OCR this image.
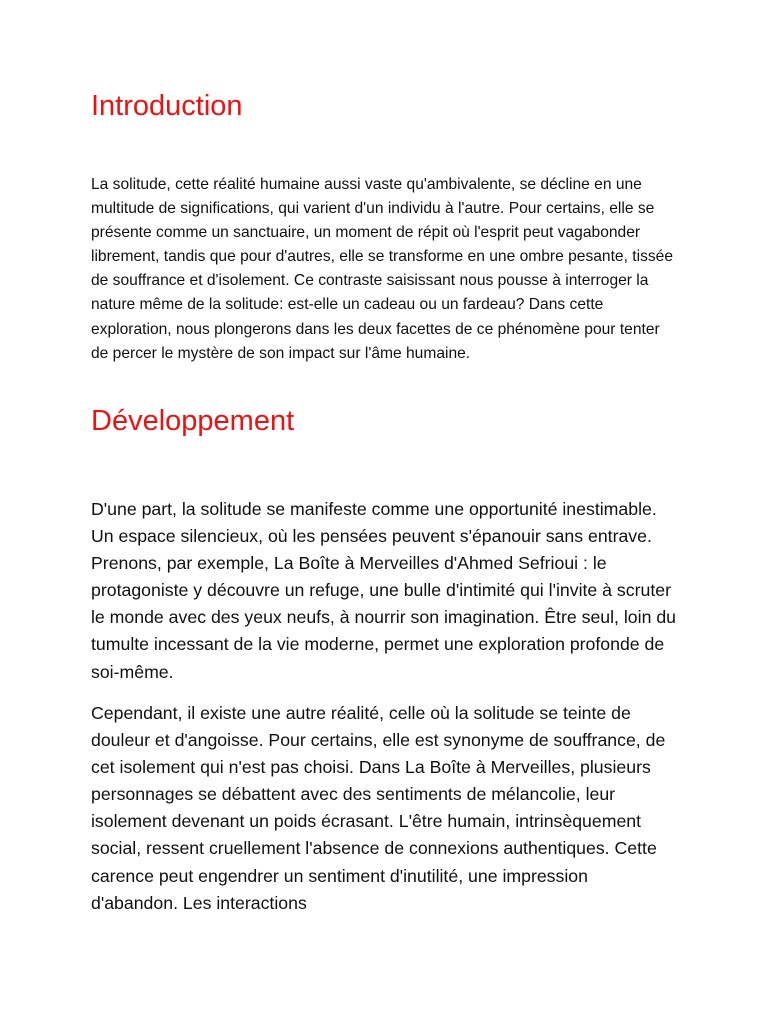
Introduction

La solitude, cette réalité humaine aussi vaste qu'ambivalente, se décline en une multitude de significations, qui varient d'un individu à l'autre. Pour certains, elle se présente comme un sanctuaire, un moment de répit où l'esprit peut vagabonder librement, tandis que pour d'autres, elle se transforme en une ombre pesante, tissée de souffrance et d'isolement. Ce contraste saisissant nous pousse à interroger la nature même de la solitude: est-elle un cadeau ou un fardeau? Dans cette exploration, nous plongerons dans les deux facettes de ce phénomène pour tenter de percer le mystère de son impact sur l'âme humaine.

Développement

D'une part, la solitude se manifeste comme une opportunité inestimable. Un espace silencieux, où les pensées peuvent s'épanouir sans entrave. Prenons, par exemple, La Boîte à Merveilles d'Ahmed Sefrioui : le protagoniste y découvre un refuge, une bulle d'intimité qui l'invite à scruter le monde avec des yeux neufs, à nourrir son imagination. Être seul, loin du tumulte incessant de la vie moderne, permet une exploration profonde de soi-même.

Cependant, il existe une autre réalité, celle où la solitude se teinte de douleur et d'angoisse. Pour certains, elle est synonyme de souffrance, de cet isolement qui n'est pas choisi. Dans La Boîte à Merveilles, plusieurs personnages se débattent avec des sentiments de mélancolie, leur isolement devenant un poids écrasant. L'être humain, intrinsèquement social, ressent cruellement l'absence de connexions authentiques. Cette carence peut engendrer un sentiment d'inutilité, une impression d'abandon. Les interactions
